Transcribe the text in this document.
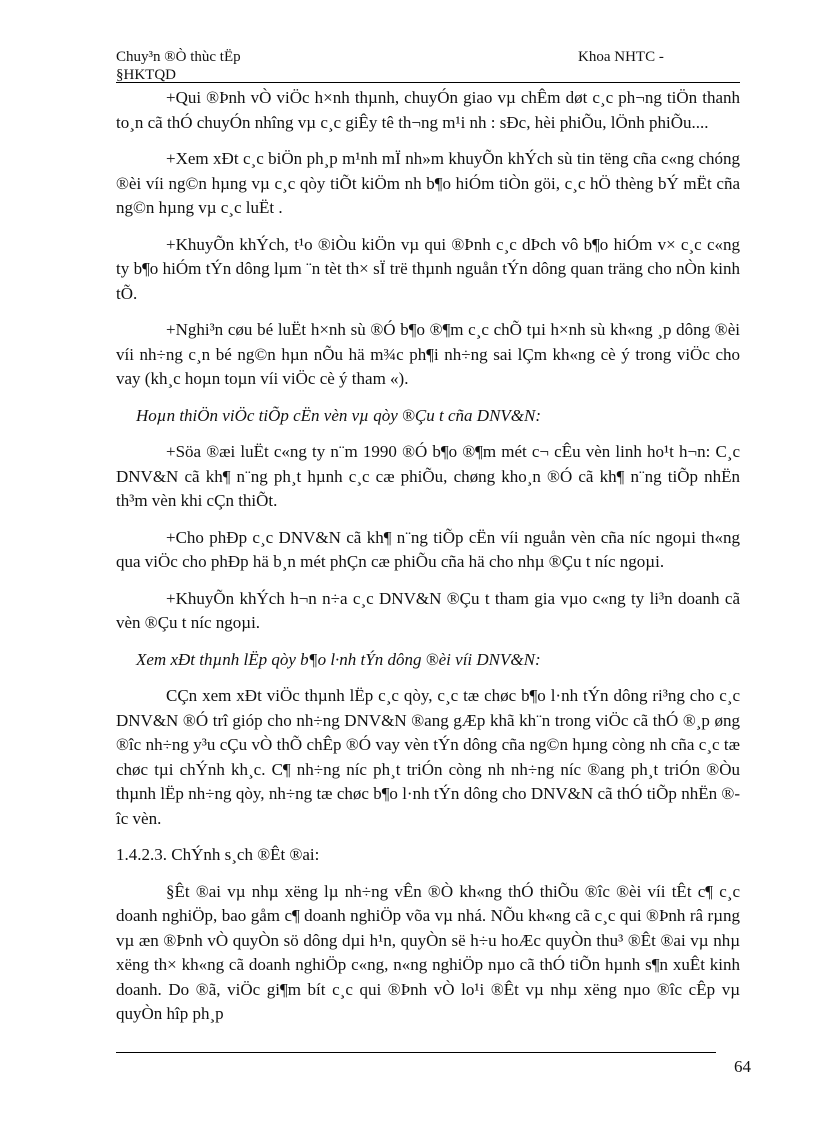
Chuy³n ®Ò thùc tËp
§HKTQD
Khoa NHTC -

+Qui ®Þnh vÒ viÖc h×nh thµnh, chuyÓn giao vµ chÊm døt c¸c ph¬ng tiÖn thanh to¸n cã thÓ chuyÓn nhîng vµ c¸c giÊy tê th¬ng m¹i nh : sÐc, hèi phiÕu, lÖnh phiÕu....

+Xem xÐt c¸c biÖn ph¸p m¹nh mÏ nh»m khuyÕn khÝch sù tin tëng cña c«ng chóng ®èi víi ng©n hµng vµ c¸c qòy tiÕt kiÖm nh b¶o hiÓm tiÒn göi, c¸c hÖ thèng bÝ mËt cña ng©n hµng vµ c¸c luËt .

+KhuyÕn khÝch, t¹o ®iÒu kiÖn vµ qui ®Þnh c¸c dÞch vô b¶o hiÓm v× c¸c c«ng ty b¶o hiÓm tÝn dông lµm ¨n tèt th× sÏ trë thµnh nguån tÝn dông quan träng cho nÒn kinh tÕ.

+Nghi³n cøu bé luËt h×nh sù ®Ó b¶o ®¶m c¸c chÕ tµi h×nh sù kh«ng ¸p dông ®èi víi nh÷ng c¸n bé ng©n hµn nÕu hä m¾c ph¶i nh÷ng sai lÇm kh«ng cè ý trong viÖc cho vay (kh¸c hoµn toµn víi viÖc cè ý tham «).

Hoµn thiÖn viÖc tiÕp cËn vèn vµ qòy ®Çu t cña DNV&N:

+Söa ®æi luËt c«ng ty n¨m 1990 ®Ó b¶o ®¶m mét c¬ cÊu vèn linh ho¹t h¬n: C¸c DNV&N cã kh¶ n¨ng ph¸t hµnh c¸c cæ phiÕu, chøng kho¸n ®Ó cã kh¶ n¨ng tiÕp nhËn th³m vèn khi cÇn thiÕt.

+Cho phÐp c¸c DNV&N cã kh¶ n¨ng tiÕp cËn víi nguån vèn cña níc ngoµi th«ng qua viÖc cho phÐp hä b¸n mét phÇn cæ phiÕu cña hä cho nhµ ®Çu t níc ngoµi.

+KhuyÕn khÝch h¬n n÷a c¸c DNV&N ®Çu t tham gia vµo c«ng ty li³n doanh cã vèn ®Çu t níc ngoµi.

Xem xÐt thµnh lËp qòy b¶o l·nh tÝn dông ®èi víi DNV&N:

CÇn xem xÐt viÖc thµnh lËp c¸c qòy, c¸c tæ chøc b¶o l·nh tÝn dông ri³ng cho c¸c DNV&N ®Ó trî gióp cho nh÷ng DNV&N ®ang gÆp khã kh¨n trong viÖc cã thÓ ®¸p øng ®îc nh÷ng y³u cÇu vÒ thÕ chÊp ®Ó vay vèn tÝn dông cña ng©n hµng còng nh cña c¸c tæ chøc tµi chÝnh kh¸c. C¶ nh÷ng níc ph¸t triÓn còng nh nh÷ng níc ®ang ph¸t triÓn ®Òu thµnh lËp nh÷ng qòy, nh÷ng tæ chøc b¶o l·nh tÝn dông cho DNV&N cã thÓ tiÕp nhËn ®îc vèn.

1.4.2.3. ChÝnh s¸ch ®Êt ®ai:

§Êt ®ai vµ nhµ xëng lµ nh÷ng vÊn ®Ò kh«ng thÓ thiÕu ®îc ®èi víi tÊt c¶ c¸c doanh nghiÖp, bao gåm c¶ doanh nghiÖp võa vµ nhá. NÕu kh«ng cã c¸c qui ®Þnh râ rµng vµ æn ®Þnh vÒ quyÒn sö dông dµi h¹n, quyÒn së h÷u hoÆc quyÒn thu³ ®Êt ®ai vµ nhµ xëng th× kh«ng cã doanh nghiÖp c«ng, n«ng nghiÖp nµo cã thÓ tiÕn hµnh s¶n xuÊt kinh doanh. Do ®ã, viÖc gi¶m bít c¸c qui ®Þnh vÒ lo¹i ®Êt vµ nhµ xëng nµo ®îc cÊp vµ quyÒn hîp ph¸p

64
